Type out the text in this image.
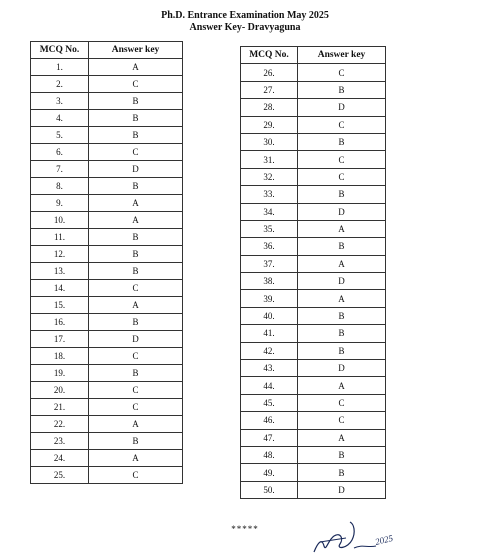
Ph.D. Entrance Examination May 2025
Answer Key- Dravyaguna
MCQ No.	Answer key
1.	A
2.	C
3.	B
4.	B
5.	B
6.	C
7.	D
8.	B
9.	A
10.	A
11.	B
12.	B
13.	B
14.	C
15.	A
16.	B
17.	D
18.	C
19.	B
20.	C
21.	C
22.	A
23.	B
24.	A
25.	C
MCQ No.	Answer key
26.	C
27.	B
28.	D
29.	C
30.	B
31.	C
32.	C
33.	B
34.	D
35.	A
36.	B
37.	A
38.	D
39.	A
40.	B
41.	B
42.	B
43.	D
44.	A
45.	C
46.	C
47.	A
48.	B
49.	B
50.	D
*****
2025
